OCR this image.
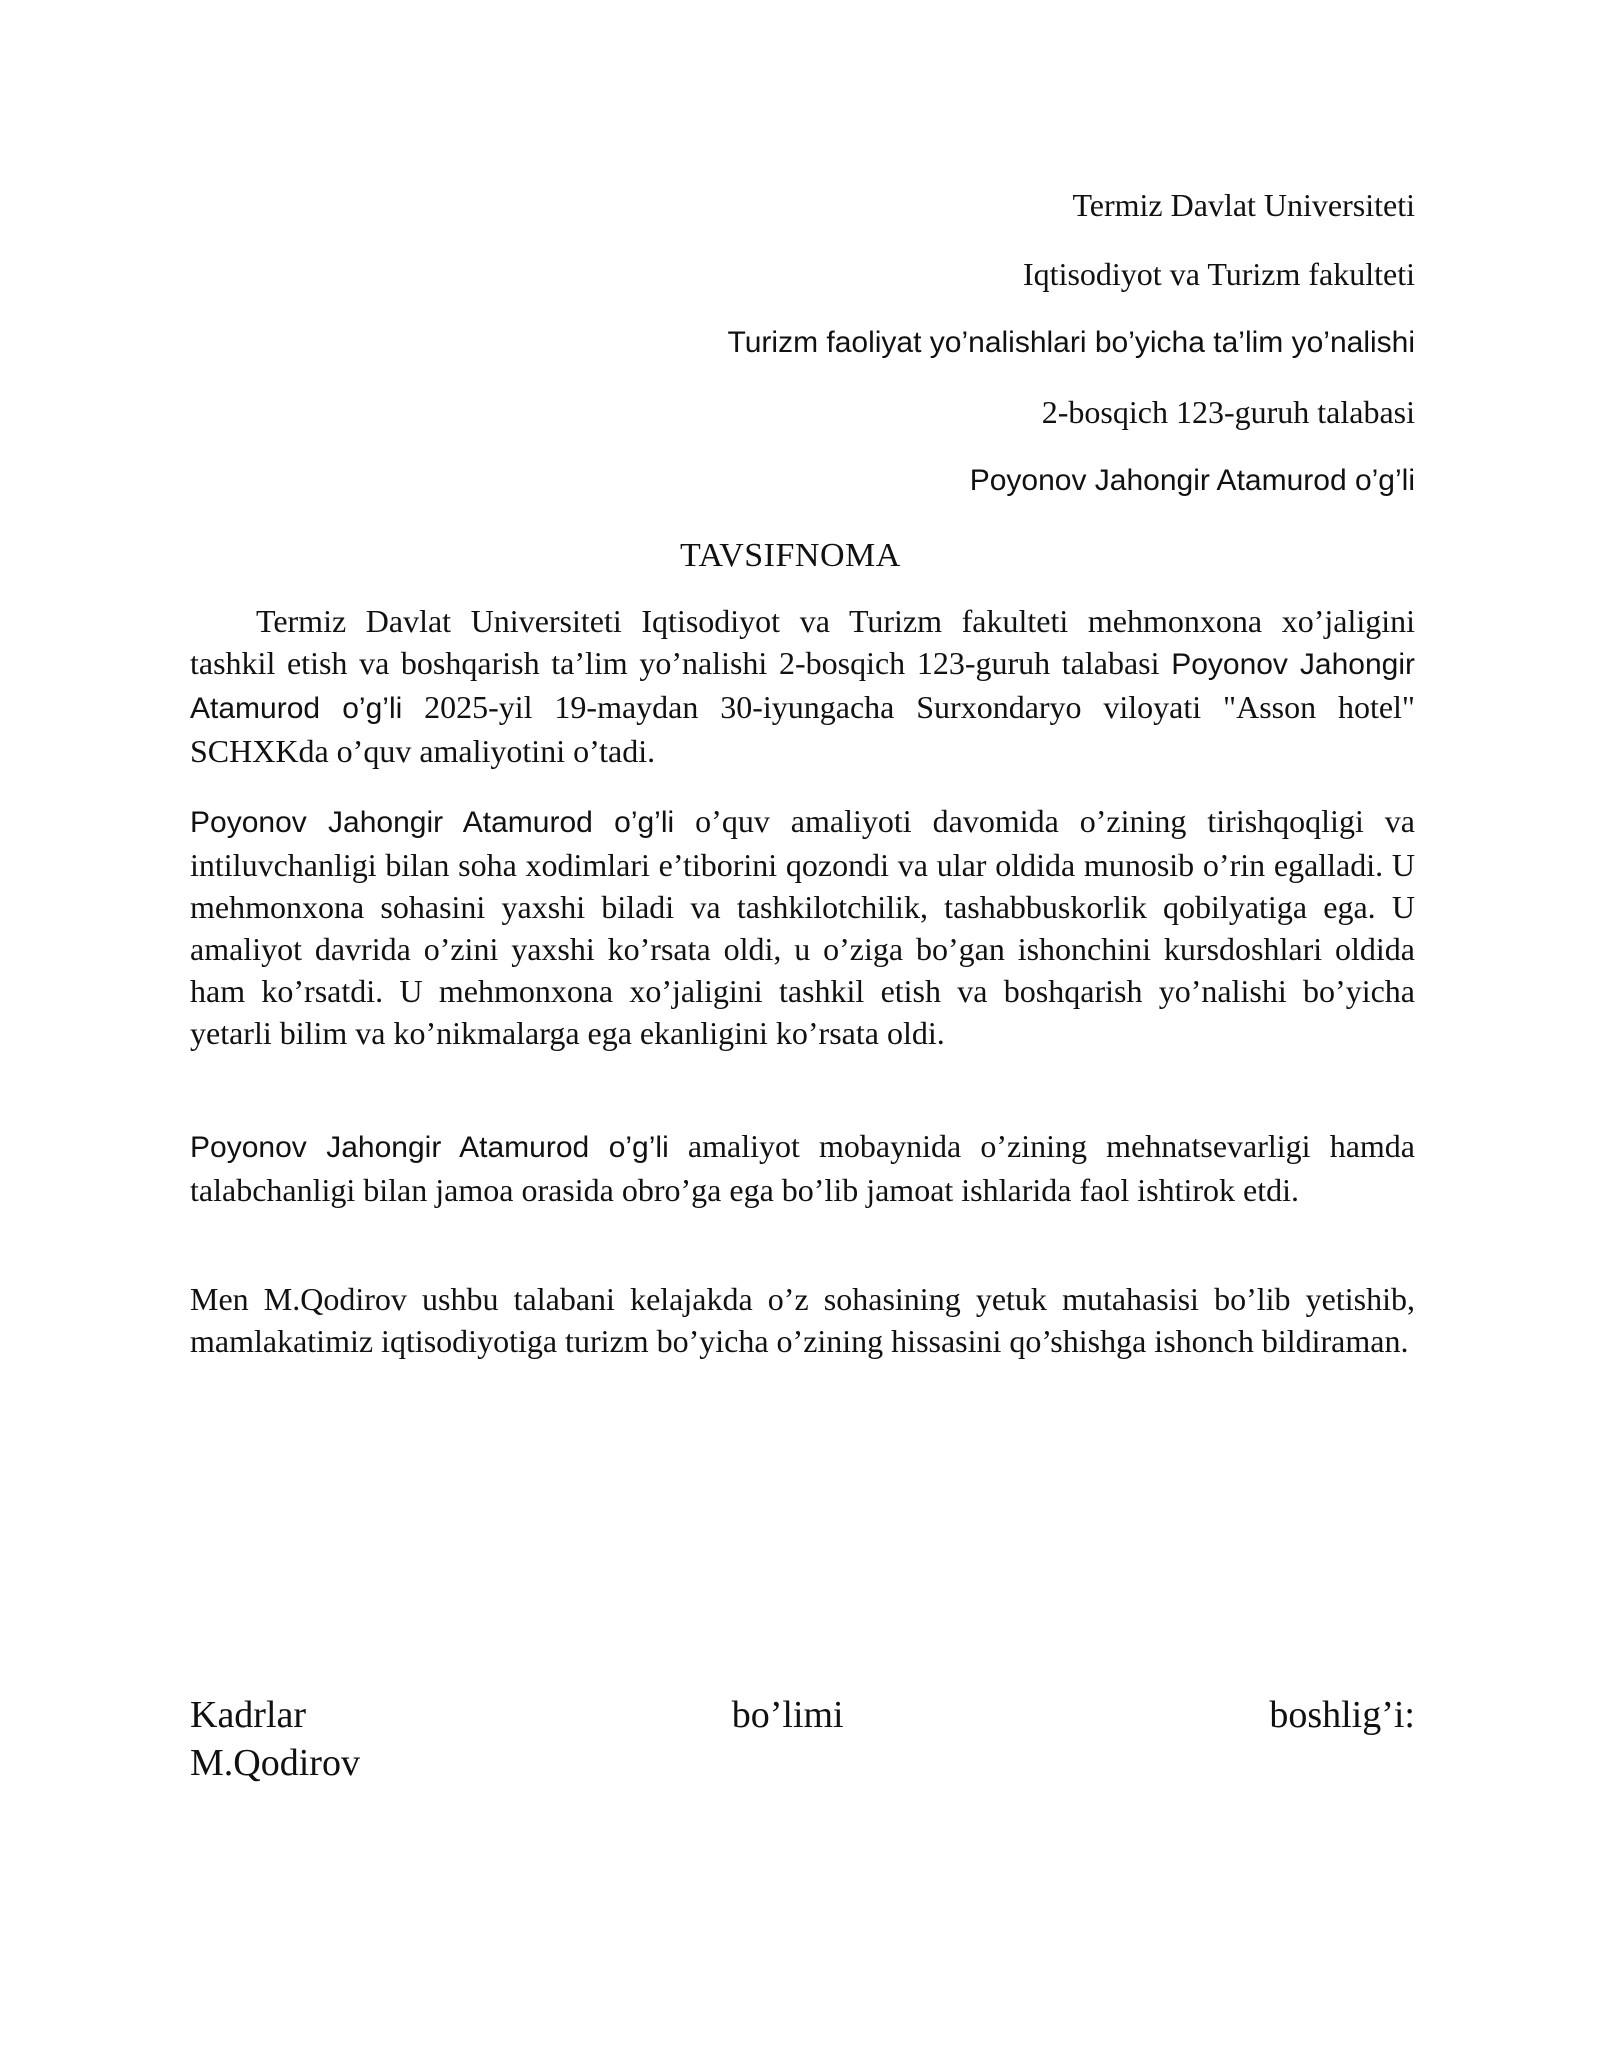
Termiz Davlat Universiteti
Iqtisodiyot va Turizm fakulteti
Turizm faoliyat yo’nalishlari bo’yicha ta’lim yo’nalishi
2-bosqich 123-guruh talabasi
Poyonov Jahongir Atamurod o’g’li
TAVSIFNOMA
Termiz Davlat Universiteti Iqtisodiyot va Turizm fakulteti mehmonxona xo’jaligini tashkil etish va boshqarish ta’lim yo’nalishi 2-bosqich 123-guruh talabasi Poyonov Jahongir Atamurod o’g’li 2025-yil 19-maydan 30-iyungacha Surxondaryo viloyati "Asson hotel" SCHXKda o’quv amaliyotini o’tadi.
Poyonov Jahongir Atamurod o’g’li o’quv amaliyoti davomida o’zining tirishqoqligi va intiluvchanligi bilan soha xodimlari e’tiborini qozondi va ular oldida munosib o’rin egalladi. U mehmonxona sohasini yaxshi biladi va tashkilotchilik, tashabbuskorlik qobilyatiga ega. U amaliyot davrida o’zini yaxshi ko’rsata oldi, u o’ziga bo’gan ishonchini kursdoshlari oldida ham ko’rsatdi. U mehmonxona xo’jaligini tashkil etish va boshqarish yo’nalishi bo’yicha yetarli bilim va ko’nikmalarga ega ekanligini ko’rsata oldi.
Poyonov Jahongir Atamurod o’g’li amaliyot mobaynida o’zining mehnatsevarligi hamda talabchanligi bilan jamoa orasida obro’ga ega bo’lib jamoat ishlarida faol ishtirok etdi.
Men M.Qodirov ushbu talabani kelajakda o’z sohasining yetuk mutahasisi bo’lib yetishib, mamlakatimiz iqtisodiyotiga turizm bo’yicha o’zining hissasini qo’shishga ishonch bildiraman.
Kadrlar	bo’limi	boshlig’i:
M.Qodirov
